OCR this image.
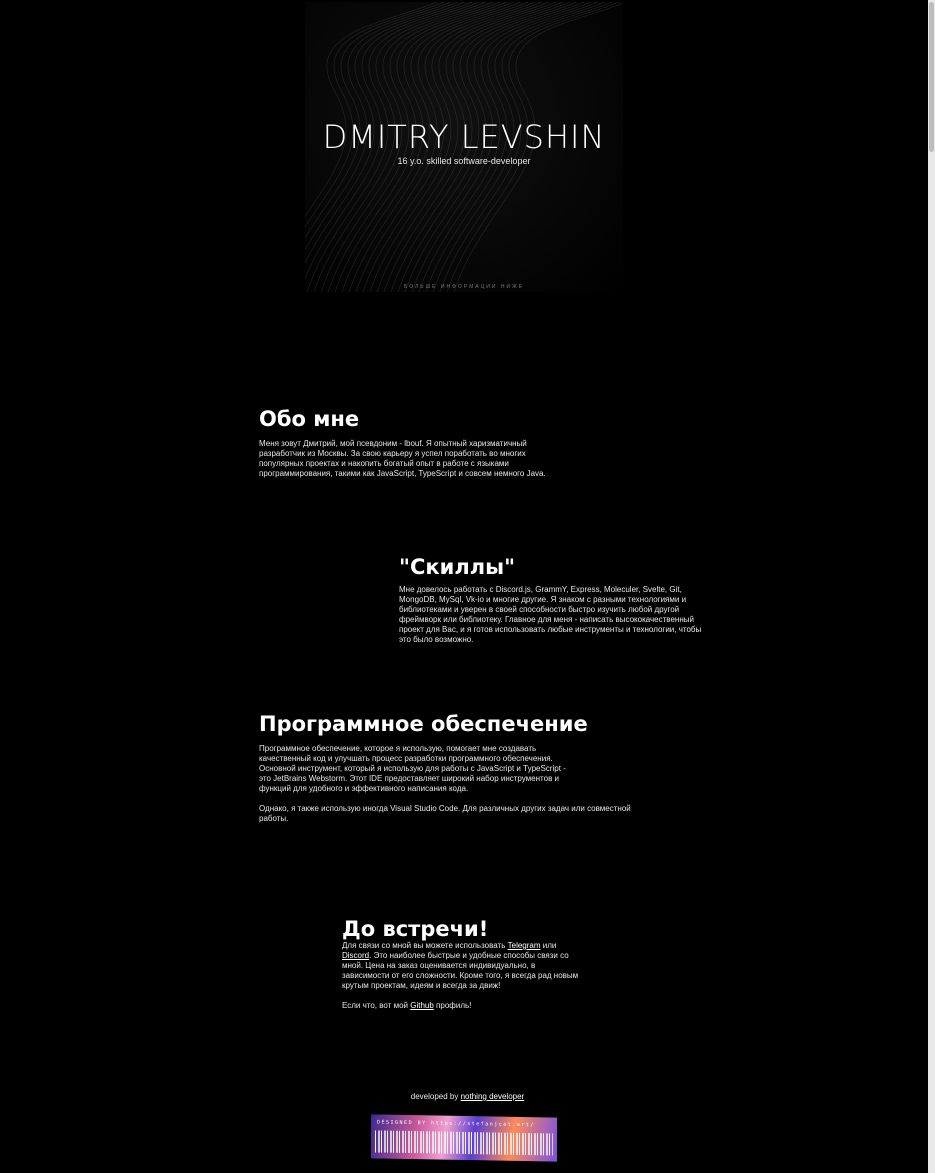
DMITRY LEVSHIN
16 y.o. skilled software-developer
БОЛЬШЕ ИНФОРМАЦИИ НИЖЕ
Обо мне

Меня зовут Дмитрий, мой псевдоним - lbouf. Я опытный харизматичный разработчик из Москвы. За свою карьеру я успел поработать во многих популярных проектах и накопить богатый опыт в работе с языками программирования, такими как JavaScript, TypeScript и совсем немного Java.

"Скиллы"

Мне довелось работать с Discord.js, GrammY, Express, Moleculer, Svelte, Git, MongoDB, MySql, Vk-io и многие другие. Я знаком с разными технологиями и библиотеками и уверен в своей способности быстро изучить любой другой фреймворк или библиотеку. Главное для меня - написать высококачественный проект для Вас, и я готов использовать любые инструменты и технологии, чтобы это было возможно.

Программное обеспечение

Программное обеспечение, которое я использую, помогает мне создавать качественный код и улучшать процесс разработки программного обеспечения. Основной инструмент, который я использую для работы с JavaScript и TypeScript - это JetBrains Webstorm. Этот IDE предоставляет широкий набор инструментов и функций для удобного и эффективного написания кода.

Однако, я также использую иногда Visual Studio Code. Для различных других задач или совместной работы.

До встречи!

Для связи со мной вы можете использовать Telegram или Discord. Это наиболее быстрые и удобные способы связи со мной. Цена на заказ оценивается индивидуально, в зависимости от его сложности. Кроме того, я всегда рад новым крутым проектам, идеям и всегда за движ!

Если что, вот мой Github профиль!

developed by nothing developer
DESIGNED BY https://stefanjcat.art/
